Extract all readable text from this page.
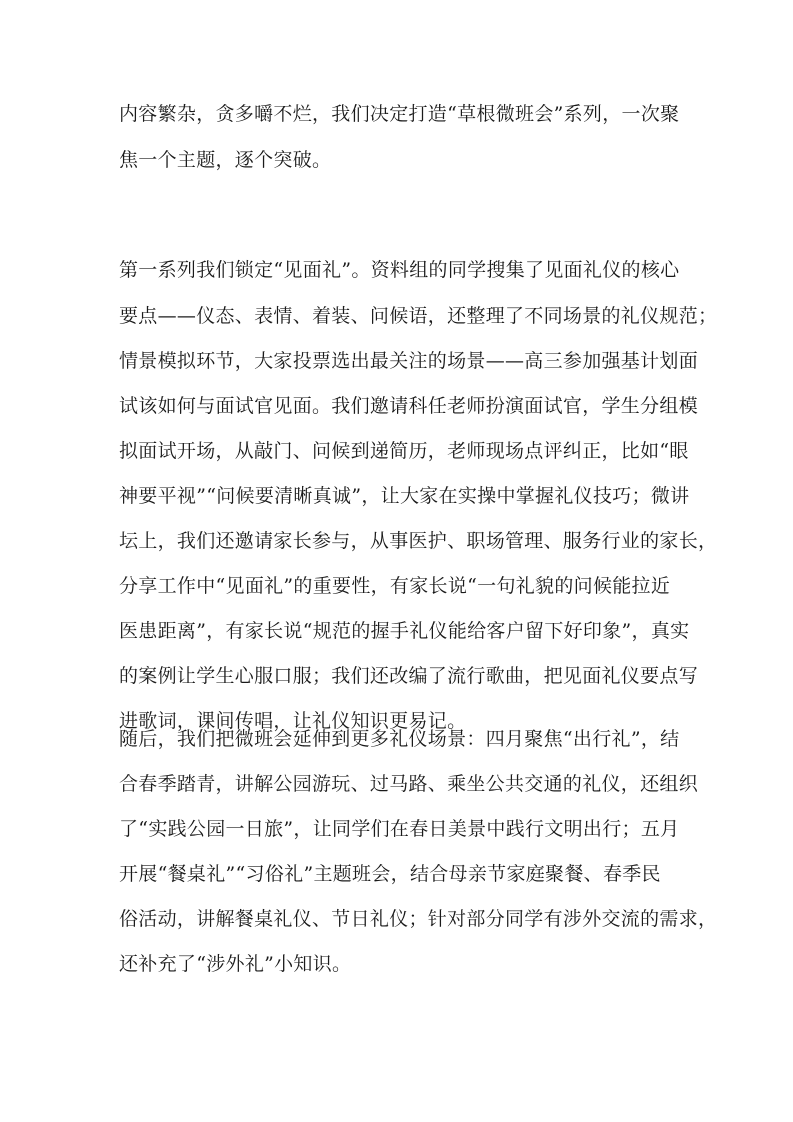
内容繁杂，贪多嚼不烂，我们决定打造“草根微班会”系列，一次聚
焦一个主题，逐个突破。
第一系列我们锁定“见面礼”。资料组的同学搜集了见面礼仪的核心
要点——仪态、表情、着装、问候语，还整理了不同场景的礼仪规范；
情景模拟环节，大家投票选出最关注的场景——高三参加强基计划面
试该如何与面试官见面。我们邀请科任老师扮演面试官，学生分组模
拟面试开场，从敲门、问候到递简历，老师现场点评纠正，比如“眼
神要平视”“问候要清晰真诚”，让大家在实操中掌握礼仪技巧；微讲
坛上，我们还邀请家长参与，从事医护、职场管理、服务行业的家长，
分享工作中“见面礼”的重要性，有家长说“一句礼貌的问候能拉近
医患距离”，有家长说“规范的握手礼仪能给客户留下好印象”，真实
的案例让学生心服口服；我们还改编了流行歌曲，把见面礼仪要点写
进歌词，课间传唱，让礼仪知识更易记。
随后，我们把微班会延伸到更多礼仪场景：四月聚焦“出行礼”，结
合春季踏青，讲解公园游玩、过马路、乘坐公共交通的礼仪，还组织
了“实践公园一日旅”，让同学们在春日美景中践行文明出行；五月
开展“餐桌礼”“习俗礼”主题班会，结合母亲节家庭聚餐、春季民
俗活动，讲解餐桌礼仪、节日礼仪；针对部分同学有涉外交流的需求，
还补充了“涉外礼”小知识。
